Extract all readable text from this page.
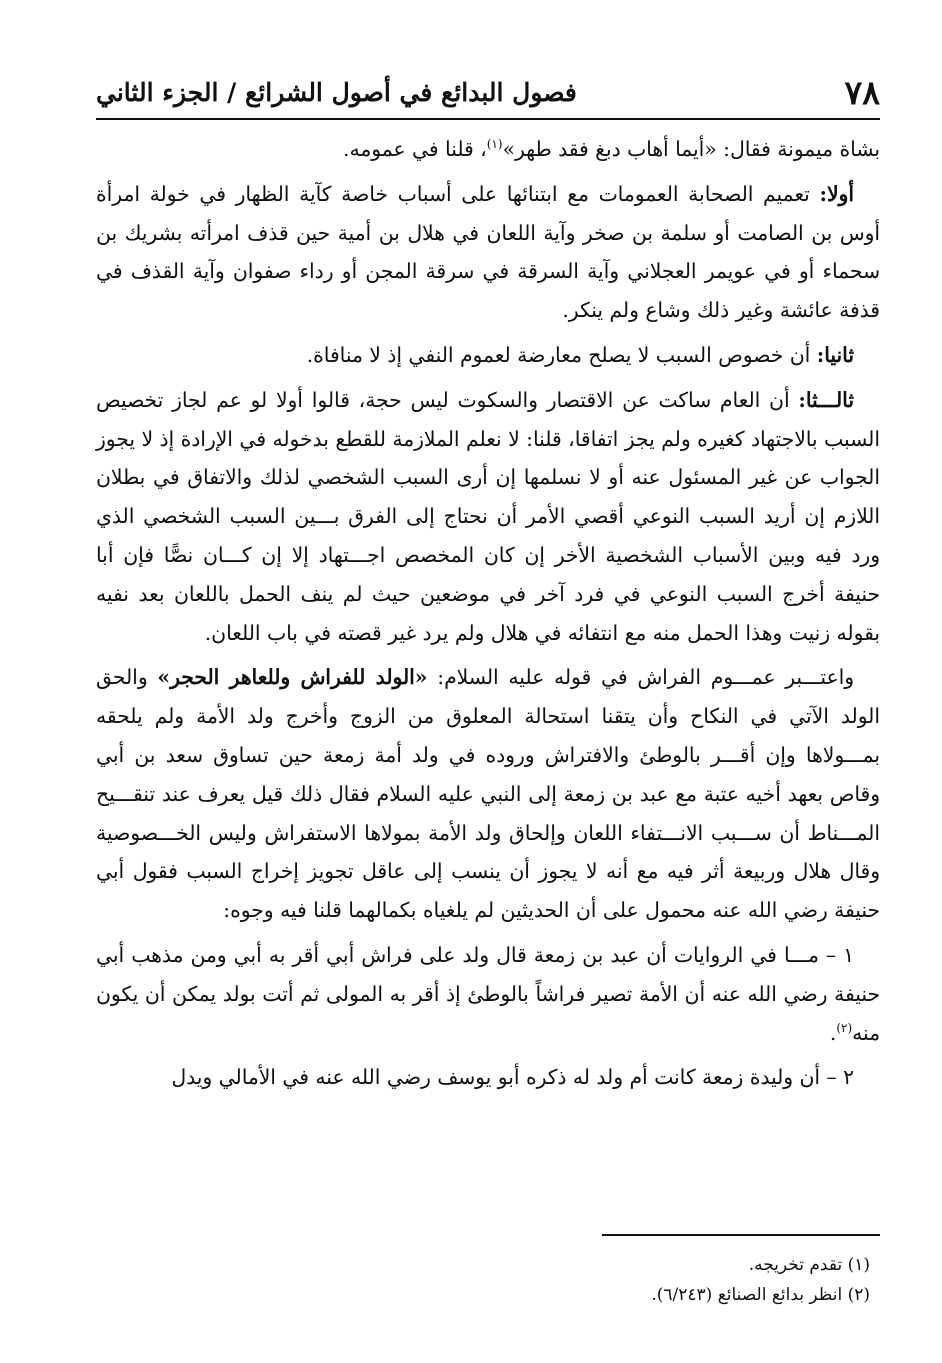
٧٨
فصول البدائع في أصول الشرائع / الجزء الثاني

بشاة ميمونة فقال: «أيما أهاب دبغ فقد طهر»$^{(١)}$، قلنا في عمومه.

أولا: تعميم الصحابة العمومات مع ابتنائها على أسباب خاصة كآية الظهار في خولة امرأة أوس بن الصامت أو سلمة بن صخر وآية اللعان في هلال بن أمية حين قذف امرأته بشريك بن سحماء أو في عويمر العجلاني وآية السرقة في سرقة المجن أو رداء صفوان وآية القذف في قذفة عائشة وغير ذلك وشاع ولم ينكر.

ثانيا: أن خصوص السبب لا يصلح معارضة لعموم النفي إذ لا منافاة.

ثالـــثا: أن العام ساكت عن الاقتصار والسكوت ليس حجة، قالوا أولا لو عم لجاز تخصيص السبب بالاجتهاد كغيره ولم يجز اتفاقا، قلنا: لا نعلم الملازمة للقطع بدخوله في الإرادة إذ لا يجوز الجواب عن غير المسئول عنه أو لا نسلمها إن أرى السبب الشخصي لذلك والاتفاق في بطلان اللازم إن أريد السبب النوعي أقصي الأمر أن نحتاج إلى الفرق بـــين السبب الشخصي الذي ورد فيه وبين الأسباب الشخصية الأخر إن كان المخصص اجـــتهاد إلا إن كـــان نصًّا فإن أبا حنيفة أخرج السبب النوعي في فرد آخر في موضعين حيث لم ينف الحمل باللعان بعد نفيه بقوله زنيت وهذا الحمل منه مع انتفائه في هلال ولم يرد غير قصته في باب اللعان.

واعتـــبر عمـــوم الفراش في قوله عليه السلام: «الولد للفراش وللعاهر الحجر» والحق الولد الآتي في النكاح وأن يتقنا استحالة المعلوق من الزوج وأخرج ولد الأمة ولم يلحقه بمـــولاها وإن أقـــر بالوطئ والافتراش وروده في ولد أمة زمعة حين تساوق سعد بن أبي وقاص بعهد أخيه عتبة مع عبد بن زمعة إلى النبي عليه السلام فقال ذلك قيل يعرف عند تنقـــيح المـــناط أن ســـبب الانـــتفاء اللعان وإلحاق ولد الأمة بمولاها الاستفراش وليس الخـــصوصية وقال هلال وربيعة أثر فيه مع أنه لا يجوز أن ينسب إلى عاقل تجويز إخراج السبب فقول أبي حنيفة رضي الله عنه محمول على أن الحديثين لم يلغياه بكمالهما قلنا فيه وجوه:

١ – مـــا في الروايات أن عبد بن زمعة قال ولد على فراش أبي أقر به أبي ومن مذهب أبي حنيفة رضي الله عنه أن الأمة تصير فراشاً بالوطئ إذ أقر به المولى ثم أتت بولد يمكن أن يكون منه$^{(٢)}$.

٢ – أن وليدة زمعة كانت أم ولد له ذكره أبو يوسف رضي الله عنه في الأمالي ويدل

(١) تقدم تخريجه.

(٢) انظر بدائع الصنائع (٦/٢٤٣).
